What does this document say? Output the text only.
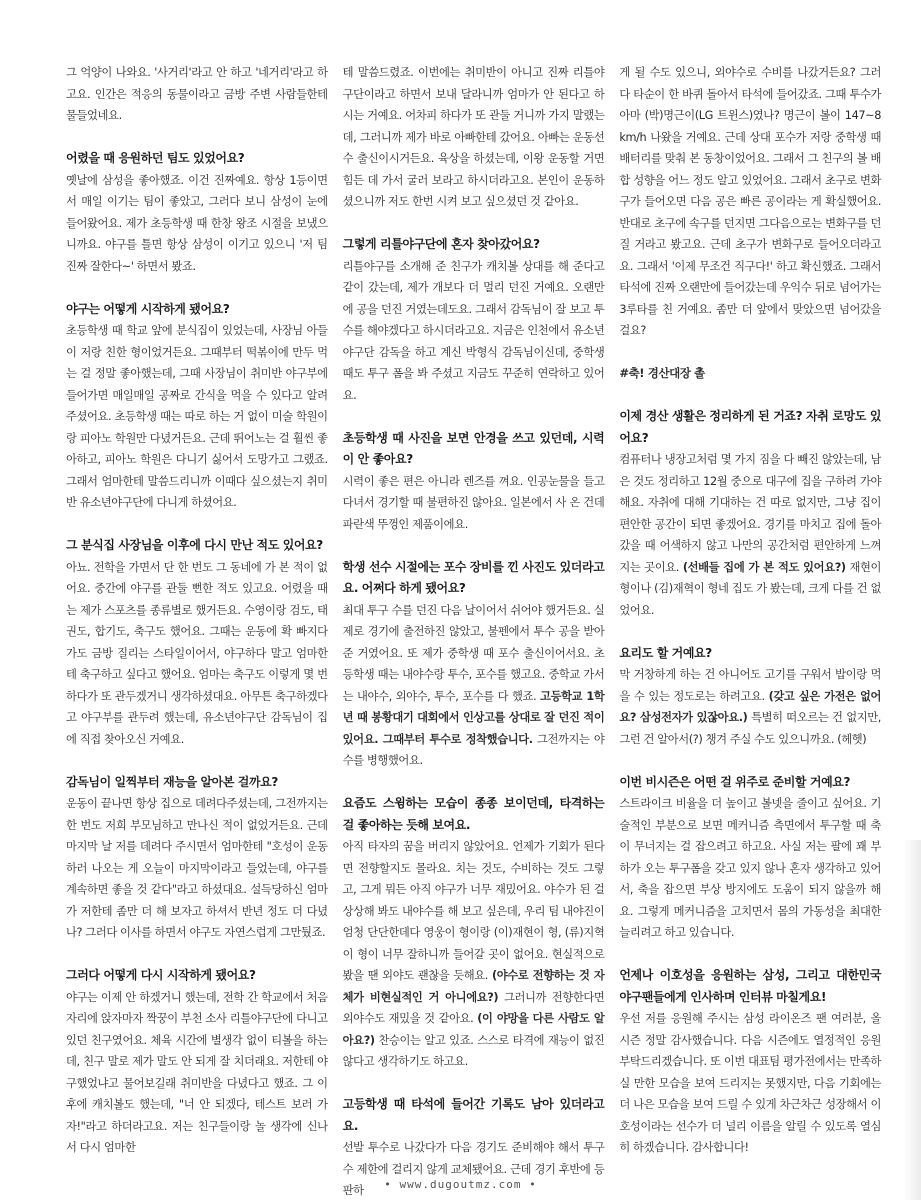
그 억양이 나와요. '사거리'라고 안 하고 '네거리'라고 하고요. 인간은 적응의 동물이라고 금방 주변 사람들한테 물들었네요.

어렸을 때 응원하던 팀도 있었어요?

옛날에 삼성을 좋아했죠. 이건 진짜예요. 항상 1등이면서 매일 이기는 팀이 좋았고, 그러다 보니 삼성이 눈에 들어왔어요. 제가 초등학생 때 한창 왕조 시절을 보냈으니까요. 야구를 틀면 항상 삼성이 이기고 있으니 '저 팀 진짜 잘한다~' 하면서 봤죠.

야구는 어떻게 시작하게 됐어요?

초등학생 때 학교 앞에 분식집이 있었는데, 사장님 아들이 저랑 친한 형이었거든요. 그때부터 떡볶이에 만두 먹는 걸 정말 좋아했는데, 그때 사장님이 취미반 야구부에 들어가면 매일매일 공짜로 간식을 먹을 수 있다고 알려 주셨어요. 초등학생 때는 따로 하는 거 없이 미술 학원이랑 피아노 학원만 다녔거든요. 근데 뛰어노는 걸 훨씬 좋아하고, 피아노 학원은 다니기 싫어서 도망가고 그랬죠. 그래서 엄마한테 말씀드리니까 이때다 싶으셨는지 취미반 유소년야구단에 다니게 하셨어요.

그 분식집 사장님을 이후에 다시 만난 적도 있어요?

아뇨. 전학을 가면서 단 한 번도 그 동네에 가 본 적이 없어요. 중간에 야구를 관둘 뻔한 적도 있고요. 어렸을 때는 제가 스포츠를 종류별로 했거든요. 수영이랑 검도, 태권도, 합기도, 축구도 했어요. 그때는 운동에 확 빠지다가도 금방 질리는 스타일이어서, 야구하다 말고 엄마한테 축구하고 싶다고 했어요. 엄마는 축구도 이렇게 몇 번 하다가 또 관두겠거니 생각하셨대요. 아무튼 축구하겠다고 야구부를 관두려 했는데, 유소년야구단 감독님이 집에 직접 찾아오신 거예요.

감독님이 일찍부터 재능을 알아본 걸까요?

운동이 끝나면 항상 집으로 데려다주셨는데, 그전까지는 한 번도 저희 부모님하고 만나신 적이 없었거든요. 근데 마지막 날 저를 데려다 주시면서 엄마한테 "호성이 운동하러 나오는 게 오늘이 마지막이라고 들었는데, 야구를 계속하면 좋을 것 같다"라고 하셨대요. 설득당하신 엄마가 저한테 좀만 더 해 보자고 하셔서 반년 정도 더 다녔나? 그러다 이사를 하면서 야구도 자연스럽게 그만뒀죠.

그러다 어떻게 다시 시작하게 됐어요?

야구는 이제 안 하겠거니 했는데, 전학 간 학교에서 처음 자리에 앉자마자 짝꿍이 부천 소사 리틀야구단에 다니고 있던 친구였어요. 체육 시간에 별생각 없이 티볼을 하는데, 친구 말로 제가 말도 안 되게 잘 치더래요. 저한테 야구했었냐고 물어보길래 취미반을 다녔다고 했죠. 그 이후에 캐치볼도 했는데, "너 안 되겠다, 테스트 보러 가자!"라고 하더라고요. 저는 친구들이랑 놀 생각에 신나서 다시 엄마한

테 말씀드렸죠. 이번에는 취미반이 아니고 진짜 리틀야구단이라고 하면서 보내 달라니까 엄마가 안 된다고 하시는 거예요. 어차피 하다가 또 관둘 거니까 가지 말랬는데, 그러니까 제가 바로 아빠한테 갔어요. 아빠는 운동선수 출신이시거든요. 육상을 하셨는데, 이왕 운동할 거면 힘든 데 가서 굴러 보라고 하시더라고요. 본인이 운동하셨으니까 저도 한번 시켜 보고 싶으셨던 것 같아요.

그렇게 리틀야구단에 혼자 찾아갔어요?

리틀야구를 소개해 준 친구가 캐치볼 상대를 해 준다고 같이 갔는데, 제가 개보다 더 멀리 던진 거예요. 오랜만에 공을 던진 거였는데도요. 그래서 감독님이 잘 보고 투수를 해야겠다고 하시더라고요. 지금은 인천에서 유소년야구단 감독을 하고 계신 박형식 감독님이신데, 중학생 때도 투구 폼을 봐 주셨고 지금도 꾸준히 연락하고 있어요.

초등학생 때 사진을 보면 안경을 쓰고 있던데, 시력이 안 좋아요?

시력이 좋은 편은 아니라 렌즈를 껴요. 인공눈물을 들고 다녀서 경기할 때 불편하진 않아요. 일본에서 사 온 건데 파란색 뚜껑인 제품이에요.

학생 선수 시절에는 포수 장비를 낀 사진도 있더라고요. 어쩌다 하게 됐어요?

최대 투구 수를 던진 다음 날이어서 쉬어야 했거든요. 실제로 경기에 출전하진 않았고, 불펜에서 투수 공을 받아 준 거였어요. 또 제가 중학생 때 포수 출신이어서요. 초등학생 때는 내야수랑 투수, 포수를 했고요. 중학교 가서는 내야수, 외야수, 투수, 포수를 다 했죠. 고등학교 1학년 때 봉황대기 대회에서 인상고를 상대로 잘 던진 적이 있어요. 그때부터 투수로 정착했습니다. 그전까지는 야수를 병행했어요.

요즘도 스윙하는 모습이 종종 보이던데, 타격하는 걸 좋아하는 듯해 보여요.

아직 타자의 꿈을 버리지 않았어요. 언제가 기회가 된다면 전향할지도 몰라요. 치는 것도, 수비하는 것도 그렇고, 그게 뭐든 아직 야구가 너무 재밌어요. 야수가 된 걸 상상해 봐도 내야수를 해 보고 싶은데, 우리 팀 내야진이 엄청 단단한데다 영웅이 형이랑 (이)재현이 형, (류)지혁이 형이 너무 잘하니까 들어갈 곳이 없어요. 현실적으로 봤을 땐 외야도 괜찮을 듯해요. (야수로 전향하는 것 자체가 비현실적인 거 아니에요?) 그러니까 전향한다면 외야수도 재밌을 것 같아요. (이 야망을 다른 사람도 알아요?) 찬승이는 알고 있죠. 스스로 타격에 재능이 없진 않다고 생각하기도 하고요.

고등학생 때 타석에 들어간 기록도 남아 있더라고요.

선발 투수로 나갔다가 다음 경기도 준비해야 해서 투구 수 제한에 걸리지 않게 교체됐어요. 근데 경기 후반에 등판하

게 될 수도 있으니, 외야수로 수비를 나갔거든요? 그러다 타순이 한 바퀴 돌아서 타석에 들어갔죠. 그때 투수가 아마 (박)명근이(LG 트윈스)였나? 명근이 볼이 147~8km/h 나왔을 거예요. 근데 상대 포수가 저랑 중학생 때 배터리를 맞춰 본 동창이었어요. 그래서 그 친구의 볼 배합 성향을 어느 정도 알고 있었어요. 그래서 초구로 변화구가 들어오면 다음 공은 빠른 공이라는 게 확실했어요. 반대로 초구에 속구를 던지면 그다음으로는 변화구를 던질 거라고 봤고요. 근데 초구가 변화구로 들어오더라고요. 그래서 '이제 무조건 직구다!' 하고 확신했죠. 그래서 타석에 진짜 오랜만에 들어갔는데 우익수 뒤로 넘어가는 3루타를 친 거예요. 좀만 더 앞에서 맞았으면 넘어갔을걸요?

#축! 경산대장 촐

이제 경산 생활은 정리하게 된 거죠? 자취 로망도 있어요?

컴퓨터나 냉장고처럼 몇 가지 짐을 다 빼진 않았는데, 남은 것도 정리하고 12월 중으로 대구에 집을 구하려 가야 해요. 자취에 대해 기대하는 건 따로 없지만, 그냥 집이 편안한 공간이 되면 좋겠어요. 경기를 마치고 집에 돌아갔을 때 어색하지 않고 나만의 공간처럼 편안하게 느껴지는 곳이요. (선배들 집에 가 본 적도 있어요?) 재현이 형이나 (김)재혁이 형네 집도 가 봤는데, 크게 다를 건 없었어요.

요리도 할 거예요?

막 거창하게 하는 건 아니어도 고기를 구워서 밥이랑 먹을 수 있는 정도로는 하려고요. (갖고 싶은 가전은 없어요? 삼성전자가 있잖아요.) 특별히 떠오르는 건 없지만, 그런 건 알아서(?) 챙겨 주실 수도 있으니까요. (헤헷)

이번 비시즌은 어떤 걸 위주로 준비할 거예요?

스트라이크 비율을 더 높이고 볼넷을 줄이고 싶어요. 기술적인 부분으로 보면 메커니즘 측면에서 투구할 때 축이 무너지는 걸 잡으려고 하고요. 사실 저는 팔에 꽤 부하가 오는 투구폼을 갖고 있지 않나 혼자 생각하고 있어서, 축을 잡으면 부상 방지에도 도움이 되지 않을까 해요. 그렇게 메커니즘을 고치면서 몸의 가동성을 최대한 늘리려고 하고 있습니다.

언제나 이호성을 응원하는 삼성, 그리고 대한민국 야구팬들에게 인사하며 인터뷰 마칠게요!

우선 저를 응원해 주시는 삼성 라이온즈 팬 여러분, 올 시즌 정말 감사했습니다. 다음 시즌에도 열정적인 응원 부탁드리겠습니다. 또 이번 대표팀 평가전에서는 만족하실 만한 모습을 보여 드리지는 못했지만, 다음 기회에는 더 나은 모습을 보여 드릴 수 있게 차근차근 성장해서 이호성이라는 선수가 더 널리 이름을 알릴 수 있도록 열심히 하겠습니다. 감사합니다!

• www.dugoutmz.com •
